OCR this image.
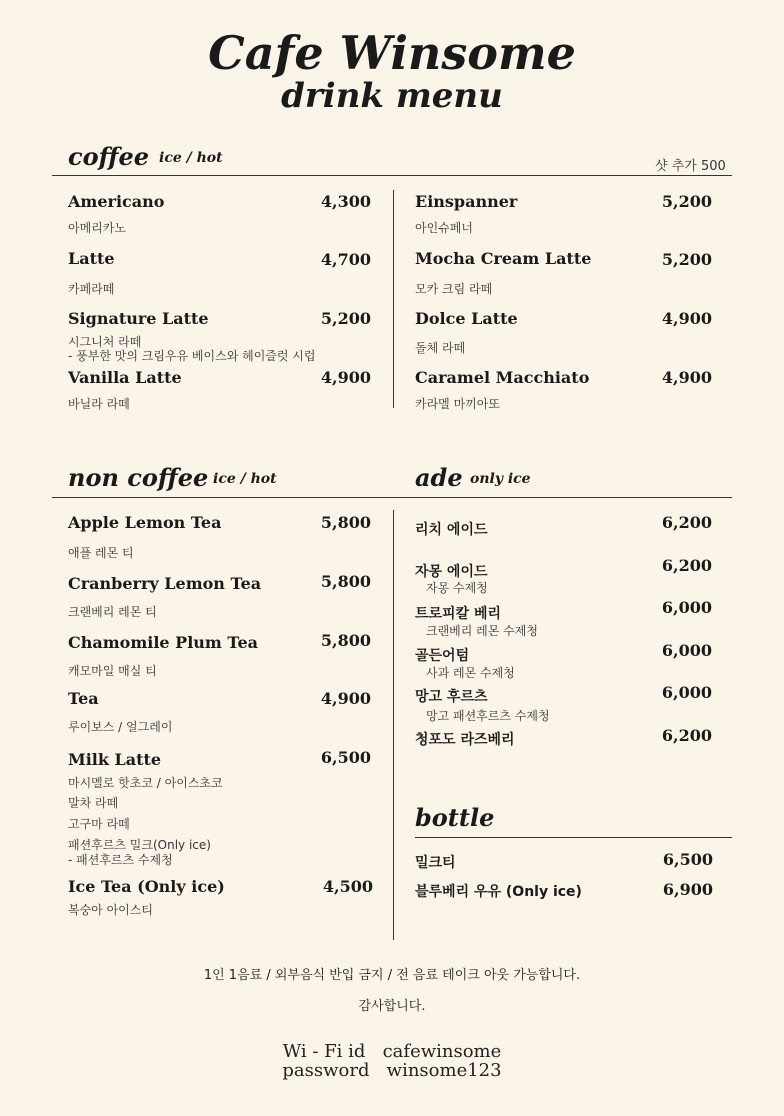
Cafe Winsome
drink menu
coffee ice / hot
샷 추가 500
Americano	4,300
아메리카노
Latte	4,700
카페라떼
Signature Latte	5,200
시그니처 라떼
- 풍부한 맛의 크림우유 베이스와 헤이즐럿 시럽
Vanilla Latte	4,900
바닐라 라떼
Einspanner	5,200
아인슈페너
Mocha Cream Latte	5,200
모카 크림 라떼
Dolce Latte	4,900
돌체 라떼
Caramel Macchiato	4,900
카라멜 마끼아또
non coffee ice / hot	ade only ice
Apple Lemon Tea	5,800
애플 레몬 티
Cranberry Lemon Tea	5,800
크랜베리 레몬 티
Chamomile Plum Tea	5,800
캐모마일 매실 티
Tea	4,900
루이보스 / 얼그레이
Milk Latte	6,500
마시멜로 핫초코 / 아이스초코
말차 라떼
고구마 라떼
패션후르츠 밀크(Only ice)
- 패션후르츠 수제청
Ice Tea (Only ice)	4,500
복숭아 아이스티
리치 에이드	6,200
자몽 에이드	6,200
자몽 수제청
트로피칼 베리	6,000
크랜베리 레몬 수제청
골든어텀	6,000
사과 레몬 수제청
망고 후르츠	6,000
망고 패션후르츠 수제청
청포도 라즈베리	6,200
bottle
밀크티	6,500
블루베리 우유 (Only ice)	6,900
1인 1음료 / 외부음식 반입 금지 / 전 음료 테이크 아웃 가능합니다.
감사합니다.
Wi - Fi id cafewinsome
password winsome123
